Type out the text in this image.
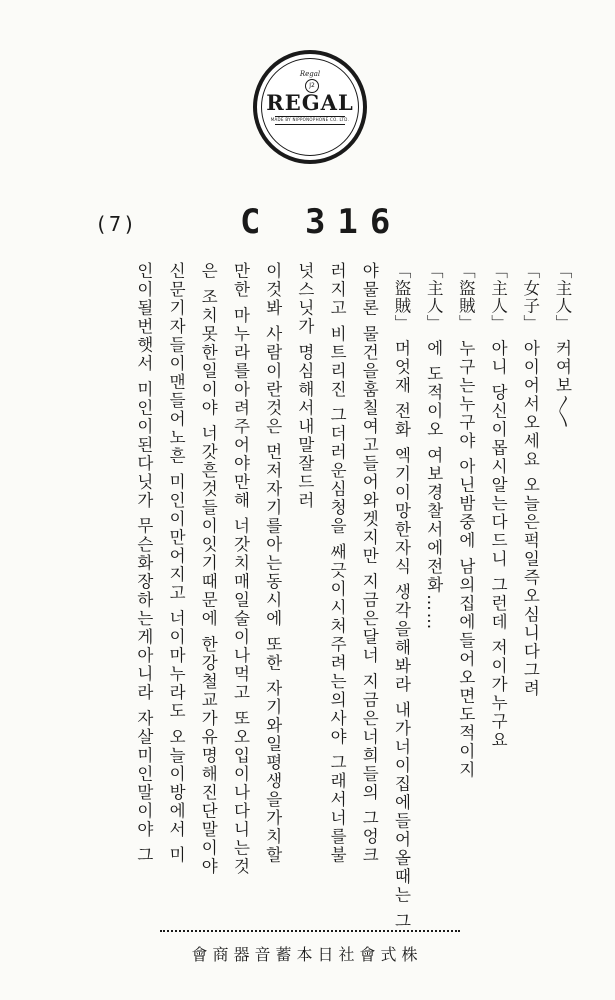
Regal
J2
REGAL
MADE BY NIPPONOPHONE CO. LTD.
(7)	C 316
「主人」 커여보〱
「女子」 아이어서오세요 오늘은퍽일즉오심니다그려
「主人」 아니 당신이몹시알는다드니 그런데 저이가누구요
「盜賊」 누구는누구야 아닌밤중에 남의집에들어오면도적이지
「主人」 에 도적이오 여보경찰서에전화……
「盜賊」 머엇재 전화 엑기이망한자식 생각을해봐라 내가너이집에들어올때는 그
야물론 물건을훔칠여고들어와겟지만 지금은달너 지금은너희들의 그엉크
러지고 비트리진 그더러운심청을 쌔긋이시처주려는의사야 그래서너를불
넛스닛가 명심해서내말잘드러
이것봐 사람이란것은 먼저자기를아는동시에 또한 자기와일평생을가치할
만한 마누라를아려주어야만해 너갓치매일술이나먹고 또오입이나다니는것
은 조치못한일이야 너갓흔것들이잇기때문에 한강철교가유명해진단말이야
신문기자들이맨들어노흔 미인이만어지고 너이마누라도 오늘이방에서 미
인이될번햇서 미인이된다닛가 무슨화장하는게아니라 자살미인말이야 그
會商器音蓄本日社會式株
